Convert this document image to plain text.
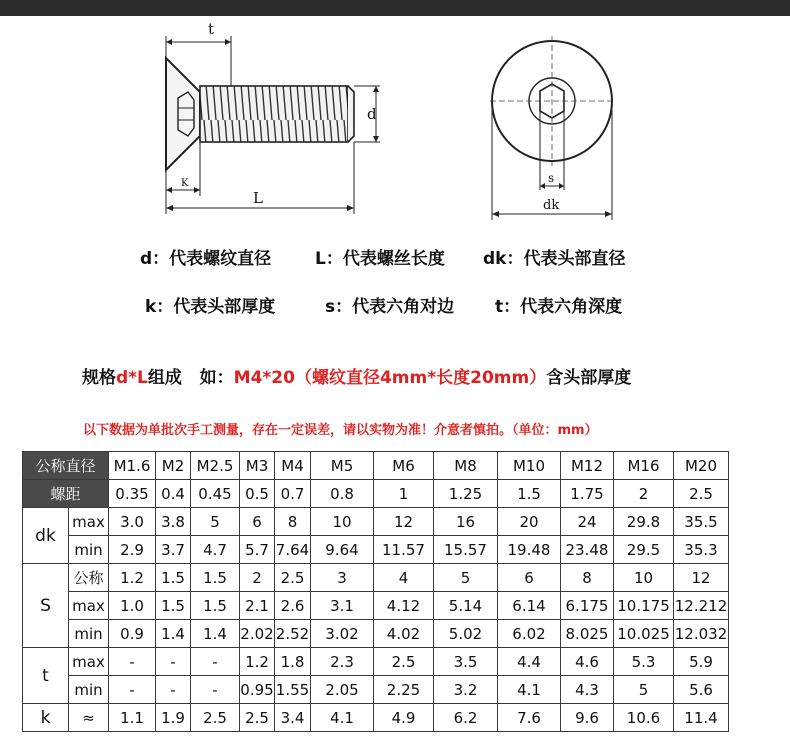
t
d
K
L
s
dk
d：代表螺纹直径	L：代表螺丝长度 dk：代表头部直径
k：代表头部厚度	s：代表六角对边 t：代表六角深度
规格d*L组成   如：M4*20（螺纹直径4mm*长度20mm）含头部厚度
以下数据为单批次手工测量，存在一定误差，请以实物为准！介意者慎拍。（单位：mm）
公称直径		M1.6	M2	M2.5	M3	M4	M5	M6	M8	M10	M12	M16	M20
螺距		0.35	0.4	0.45	0.5	0.7	0.8	1	1.25	1.5	1.75	2	2.5
dk	max	3.0	3.8	5	6	8	10	12	16	20	24	29.8	35.5
	min	2.9	3.7	4.7	5.7	7.64	9.64	11.57	15.57	19.48	23.48	29.5	35.3
S	公称	1.2	1.5	1.5	2	2.5	3	4	5	6	8	10	12
	max	1.0	1.5	1.5	2.1	2.6	3.1	4.12	5.14	6.14	6.175	10.175	12.212
	min	0.9	1.4	1.4	2.02	2.52	3.02	4.02	5.02	6.02	8.025	10.025	12.032
t	max	-	-	-	1.2	1.8	2.3	2.5	3.5	4.4	4.6	5.3	5.9
	min	-	-	-	0.95	1.55	2.05	2.25	3.2	4.1	4.3	5	5.6
k	≈	1.1	1.9	2.5	2.5	3.4	4.1	4.9	6.2	7.6	9.6	10.6	11.4
